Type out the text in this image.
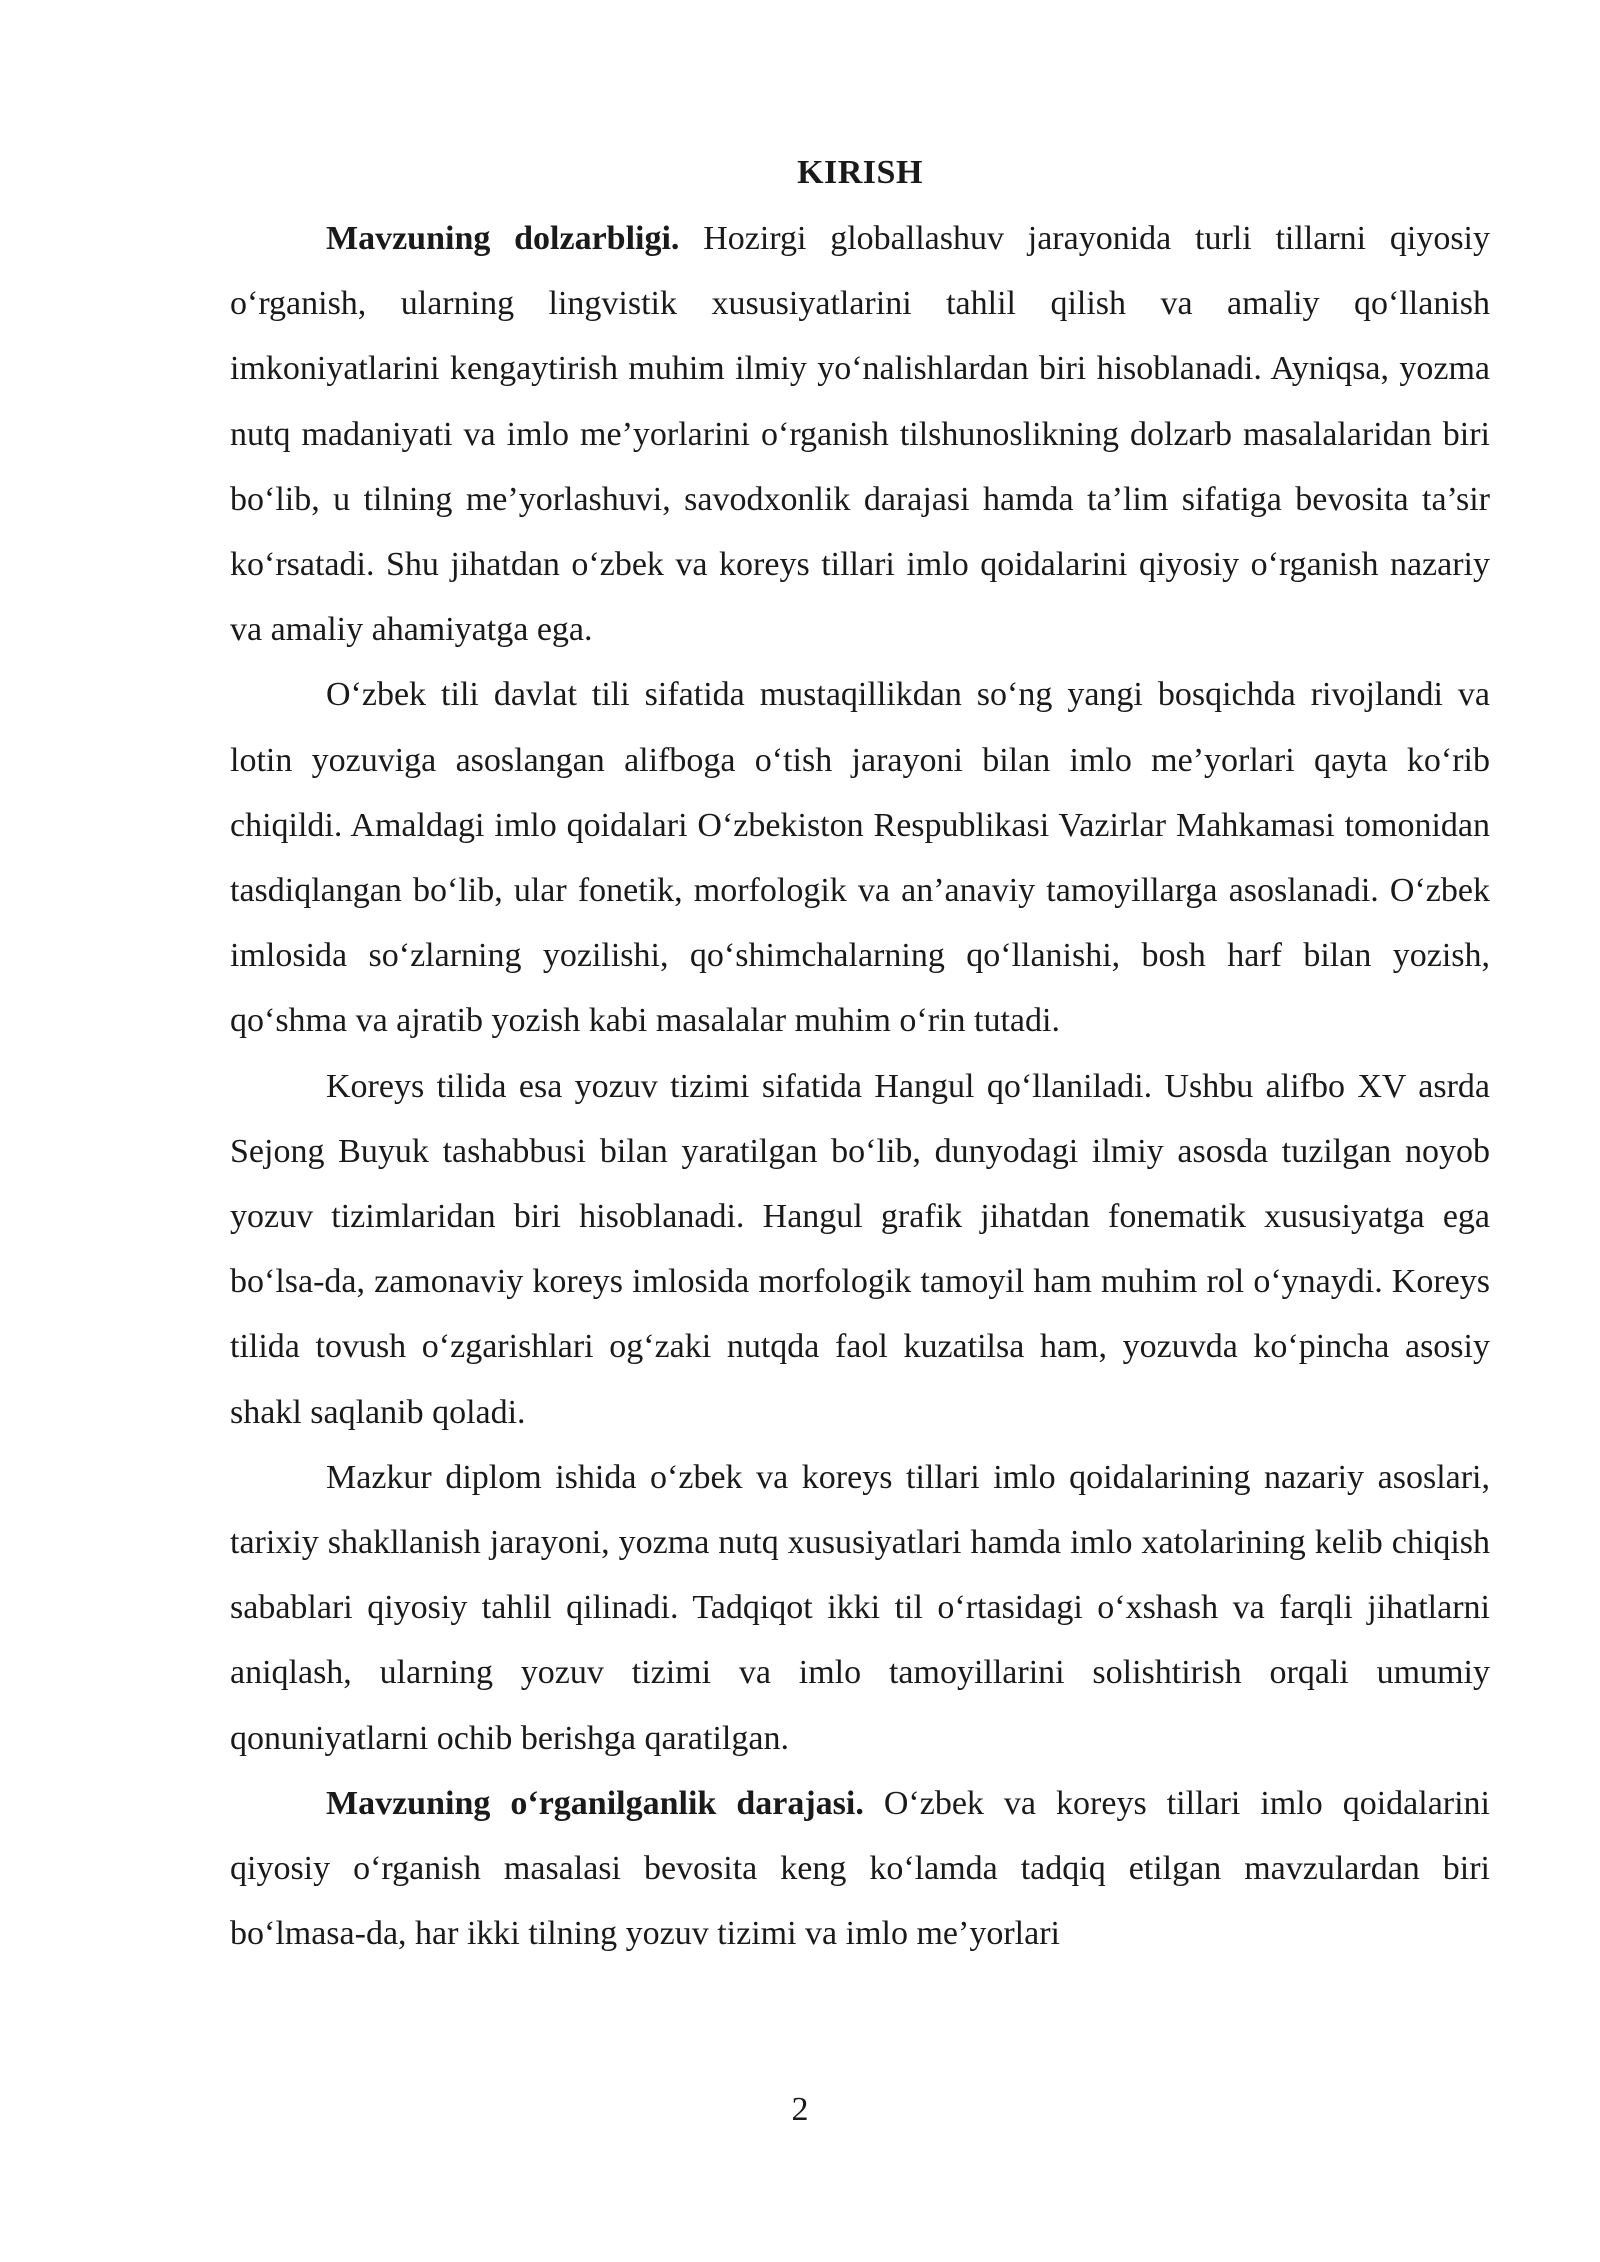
KIRISH

Mavzuning dolzarbligi. Hozirgi globallashuv jarayonida turli tillarni qiyosiy o‘rganish, ularning lingvistik xususiyatlarini tahlil qilish va amaliy qo‘llanish imkoniyatlarini kengaytirish muhim ilmiy yo‘nalishlardan biri hisoblanadi. Ayniqsa, yozma nutq madaniyati va imlo me’yorlarini o‘rganish tilshunoslikning dolzarb masalalaridan biri bo‘lib, u tilning me’yorlashuvi, savodxonlik darajasi hamda ta’lim sifatiga bevosita ta’sir ko‘rsatadi. Shu jihatdan o‘zbek va koreys tillari imlo qoidalarini qiyosiy o‘rganish nazariy va amaliy ahamiyatga ega.

O‘zbek tili davlat tili sifatida mustaqillikdan so‘ng yangi bosqichda rivojlandi va lotin yozuviga asoslangan alifboga o‘tish jarayoni bilan imlo me’yorlari qayta ko‘rib chiqildi. Amaldagi imlo qoidalari O‘zbekiston Respublikasi Vazirlar Mahkamasi tomonidan tasdiqlangan bo‘lib, ular fonetik, morfologik va an’anaviy tamoyillarga asoslanadi. O‘zbek imlosida so‘zlarning yozilishi, qo‘shimchalarning qo‘llanishi, bosh harf bilan yozish, qo‘shma va ajratib yozish kabi masalalar muhim o‘rin tutadi.

Koreys tilida esa yozuv tizimi sifatida Hangul qo‘llaniladi. Ushbu alifbo XV asrda Sejong Buyuk tashabbusi bilan yaratilgan bo‘lib, dunyodagi ilmiy asosda tuzilgan noyob yozuv tizimlaridan biri hisoblanadi. Hangul grafik jihatdan fonematik xususiyatga ega bo‘lsa-da, zamonaviy koreys imlosida morfologik tamoyil ham muhim rol o‘ynaydi. Koreys tilida tovush o‘zgarishlari og‘zaki nutqda faol kuzatilsa ham, yozuvda ko‘pincha asosiy shakl saqlanib qoladi.

Mazkur diplom ishida o‘zbek va koreys tillari imlo qoidalarining nazariy asoslari, tarixiy shakllanish jarayoni, yozma nutq xususiyatlari hamda imlo xatolarining kelib chiqish sabablari qiyosiy tahlil qilinadi. Tadqiqot ikki til o‘rtasidagi o‘xshash va farqli jihatlarni aniqlash, ularning yozuv tizimi va imlo tamoyillarini solishtirish orqali umumiy qonuniyatlarni ochib berishga qaratilgan.

Mavzuning o‘rganilganlik darajasi. O‘zbek va koreys tillari imlo qoidalarini qiyosiy o‘rganish masalasi bevosita keng ko‘lamda tadqiq etilgan mavzulardan biri bo‘lmasa-da, har ikki tilning yozuv tizimi va imlo me’yorlari

2
